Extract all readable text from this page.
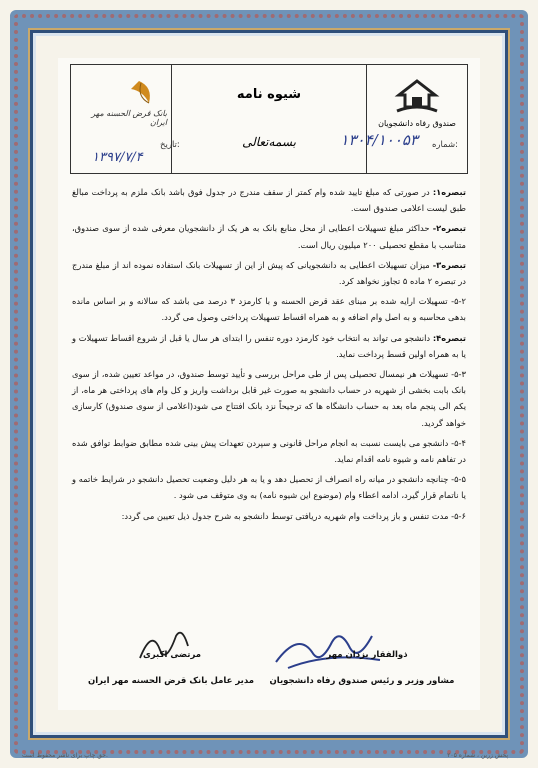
صندوق رفاه دانشجویان
شیوه نامه
بسمه‌تعالی
بانک قرض الحسنه مهر ایران
شماره:
۱۳۰۴/۱۰۰۵۳
تاریخ:
۱۳۹۷/۷/۴

تبصره۱: در صورتی که مبلغ تایید شده وام کمتر از سقف مندرج در جدول فوق باشد بانک ملزم به پرداخت مبالغ طبق لیست اعلامی صندوق است.

تبصره۲- حداکثر مبلغ تسهیلات اعطایی از محل منابع بانک به هر یک از دانشجویان معرفی شده از سوی صندوق، متناسب با مقطع تحصیلی ۲۰۰ میلیون ریال است.

تبصره۳- میزان تسهیلات اعطایی به دانشجویانی که پیش از این از تسهیلات بانک استفاده نموده اند از مبلغ مندرج در تبصره ۲ ماده ۵ تجاوز نخواهد کرد.

۵-۲- تسهیلات ارایه شده بر مبنای عقد قرض الحسنه و با کارمزد ۳ درصد می باشد که سالانه و بر اساس مانده بدهی محاسبه و به اصل وام اضافه و به همراه اقساط تسهیلات پرداختی وصول می گردد.

تبصره۴: دانشجو می تواند به انتخاب خود کارمزد دوره تنفس را ابتدای هر سال یا قبل از شروع اقساط تسهیلات و یا به همراه اولین قسط پرداخت نماید.

۵-۳- تسهیلات هر نیمسال تحصیلی پس از طی مراحل بررسی و تأیید توسط صندوق، در مواعد تعیین شده، از سوی بانک بابت بخشی از شهریه در حساب دانشجو به صورت غیر قابل برداشت واریز و کل وام های پرداختی هر ماه، از یکم الی پنجم ماه بعد به حساب دانشگاه ها که ترجیحاً نزد بانک افتتاح می شود(اعلامی از سوی صندوق) کارسازی خواهد گردید.

۵-۴- دانشجو می بایست نسبت به انجام مراحل قانونی و سپردن تعهدات پیش بینی شده مطابق ضوابط توافق شده در تفاهم نامه و شیوه نامه اقدام نماید.

۵-۵- چنانچه دانشجو در میانه راه انصراف از تحصیل دهد و یا به هر دلیل وضعیت تحصیل دانشجو در شرایط خاتمه و یا ناتمام قرار گیرد، ادامه اعطاء وام (موضوع این شیوه نامه) به وی متوقف می شود .

۵-۶- مدت تنفس و باز پرداخت وام شهریه دریافتی توسط دانشجو به شرح جدول ذیل تعیین می گردد:

ذوالفقار یزدان مهر
مشاور وزیر و رئیس صندوق رفاه دانشجویان
مرتضی اکبری
مدیر عامل بانک قرض الحسنه مهر ایران
پخش زرین ، شماره ۲۰۵
حق چاپ برای ناشر محفوظ است.
